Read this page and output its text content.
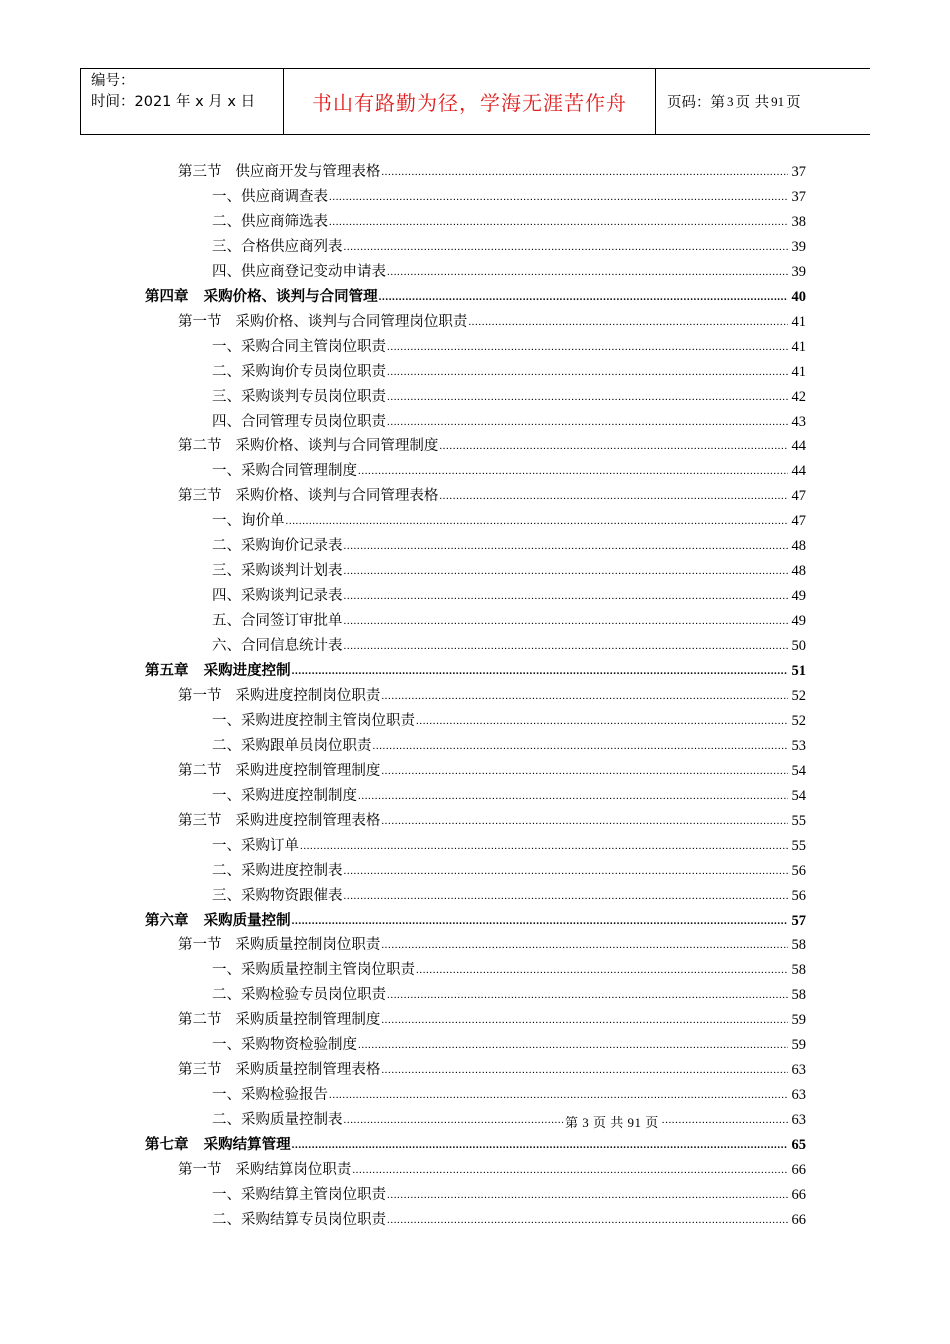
编号：
时间：2021 年 x 月 x 日	书山有路勤为径，学海无涯苦作舟	页码：第 3 页 共 91 页
第三节   供应商开发与管理表格 .....	37
一、供应商调查表 .....	37
二、供应商筛选表 .....	38
三、合格供应商列表 .....	39
四、供应商登记变动申请表 .....	39
第四章   采购价格、谈判与合同管理 .....	40
第一节   采购价格、谈判与合同管理岗位职责 .....	41
一、采购合同主管岗位职责 .....	41
二、采购询价专员岗位职责 .....	41
三、采购谈判专员岗位职责 .....	42
四、合同管理专员岗位职责 .....	43
第二节   采购价格、谈判与合同管理制度 .....	44
一、采购合同管理制度 .....	44
第三节   采购价格、谈判与合同管理表格 .....	47
一、询价单 .....	47
二、采购询价记录表 .....	48
三、采购谈判计划表 .....	48
四、采购谈判记录表 .....	49
五、合同签订审批单 .....	49
六、合同信息统计表 .....	50
第五章   采购进度控制 .....	51
第一节   采购进度控制岗位职责 .....	52
一、采购进度控制主管岗位职责 .....	52
二、采购跟单员岗位职责 .....	53
第二节   采购进度控制管理制度 .....	54
一、采购进度控制制度 .....	54
第三节   采购进度控制管理表格 .....	55
一、采购订单 .....	55
二、采购进度控制表 .....	56
三、采购物资跟催表 .....	56
第六章   采购质量控制 .....	57
第一节   采购质量控制岗位职责 .....	58
一、采购质量控制主管岗位职责 .....	58
二、采购检验专员岗位职责 .....	58
第二节   采购质量控制管理制度 .....	59
一、采购物资检验制度 .....	59
第三节   采购质量控制管理表格 .....	63
一、采购检验报告 .....	63
二、采购质量控制表 .....	63
第七章   采购结算管理 .....	65
第一节   采购结算岗位职责 .....	66
一、采购结算主管岗位职责 .....	66
二、采购结算专员岗位职责 .....	66
第 3 页 共 91 页
